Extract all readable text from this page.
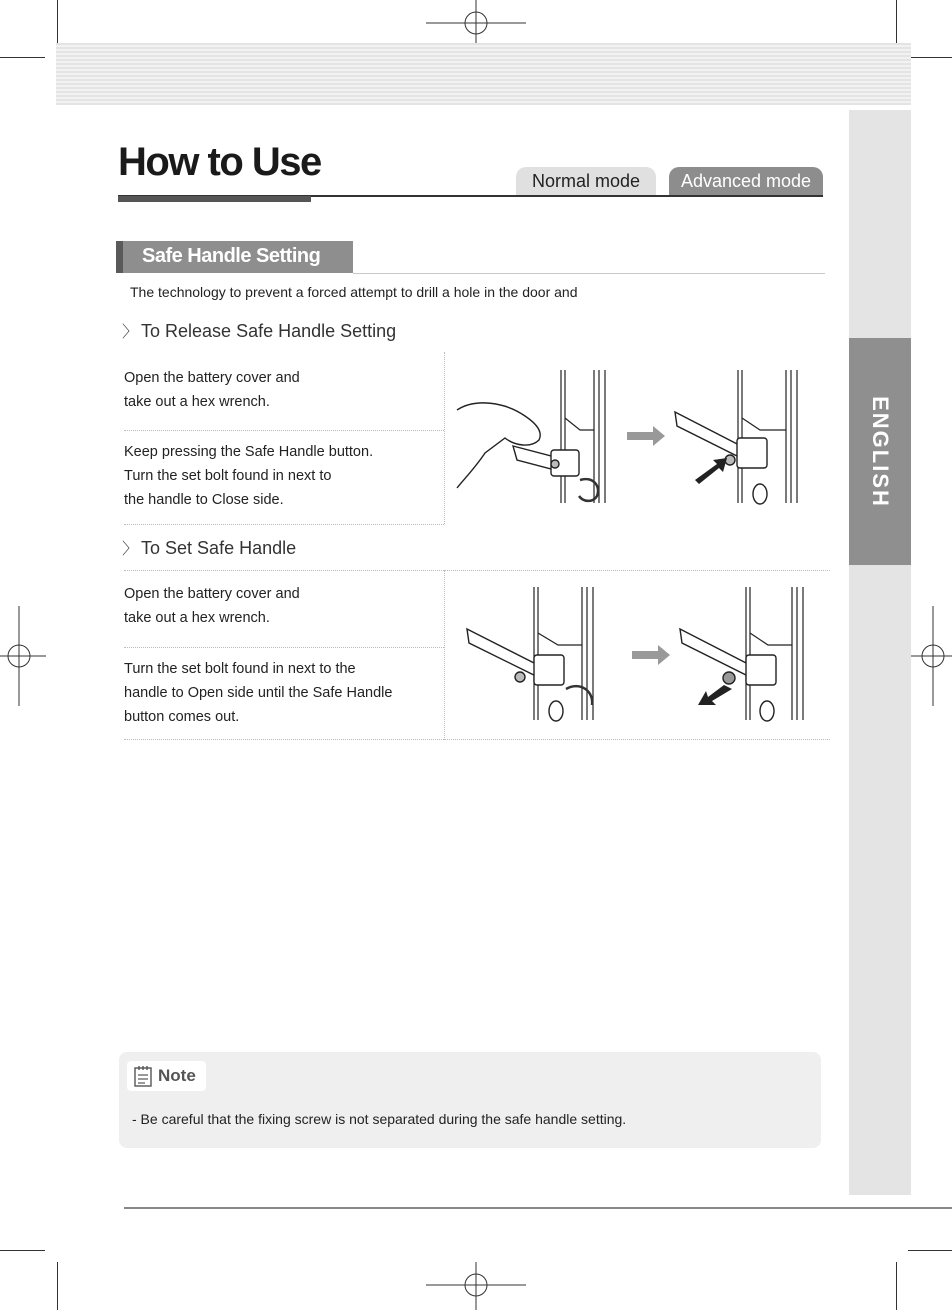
ENGLISH
How to Use	Normal mode	Advanced mode
Safe Handle Setting
The technology to prevent a forced attempt to drill a hole in the door and
〉 To Release Safe Handle Setting
Open the battery cover and
take out a hex wrench.
Keep pressing the Safe Handle button.
Turn the set bolt found in next to
the handle to Close side.
〉 To Set Safe Handle
Open the battery cover and
take out a hex wrench.
Turn the set bolt found in next to the
handle to Open side until the Safe Handle
button comes out.
Note
- Be careful that the fixing screw is not separated during the safe handle setting.
